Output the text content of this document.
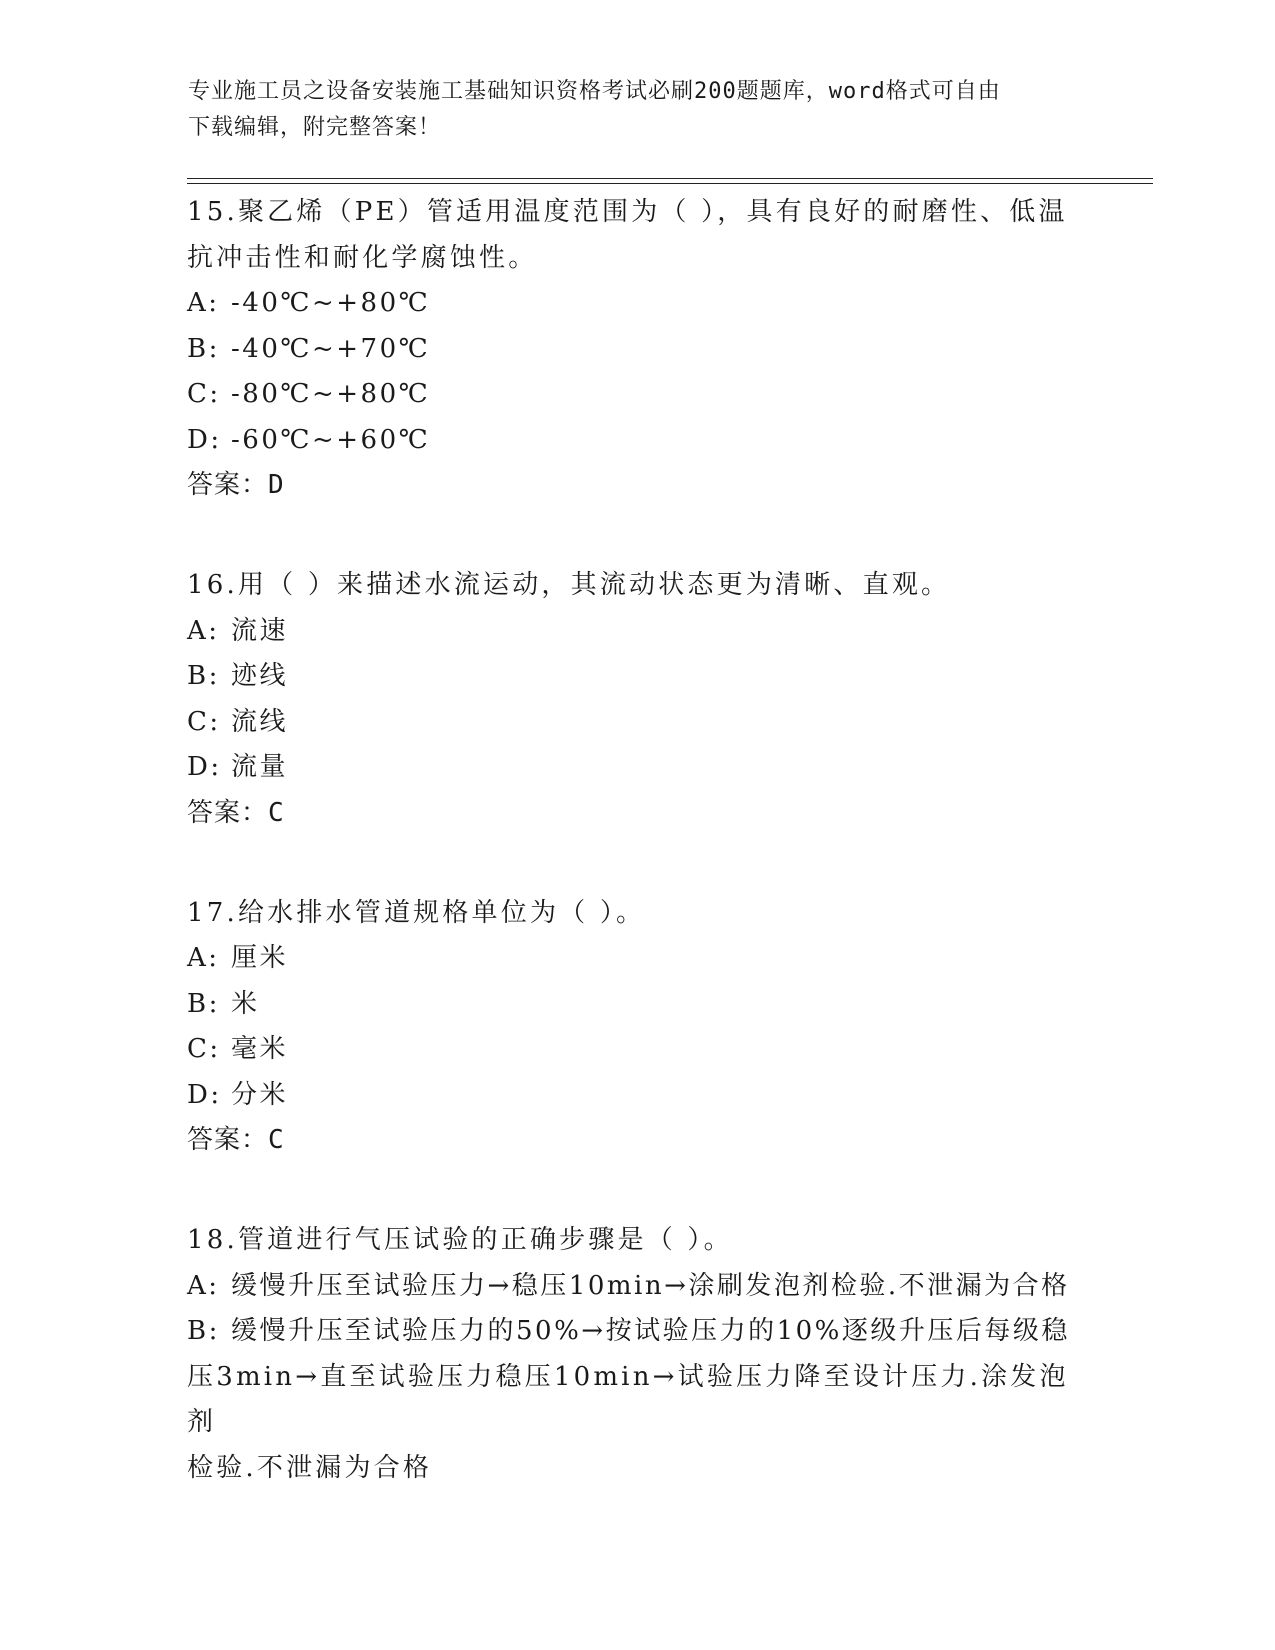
专业施工员之设备安装施工基础知识资格考试必刷200题题库，word格式可自由
下载编辑，附完整答案！
15.聚乙烯（PE）管适用温度范围为（ ），具有良好的耐磨性、低温
抗冲击性和耐化学腐蚀性。
A: -40℃~+80℃
B: -40℃~+70℃
C: -80℃~+80℃
D: -60℃~+60℃
答案：D
16.用（ ）来描述水流运动，其流动状态更为清晰、直观。
A: 流速
B: 迹线
C: 流线
D: 流量
答案：C
17.给水排水管道规格单位为（ ）。
A: 厘米
B: 米
C: 毫米
D: 分米
答案：C
18.管道进行气压试验的正确步骤是（ ）。
A: 缓慢升压至试验压力→稳压10min→涂刷发泡剂检验.不泄漏为合格
B: 缓慢升压至试验压力的50%→按试验压力的10%逐级升压后每级稳
压3min→直至试验压力稳压10min→试验压力降至设计压力.涂发泡剂
检验.不泄漏为合格
